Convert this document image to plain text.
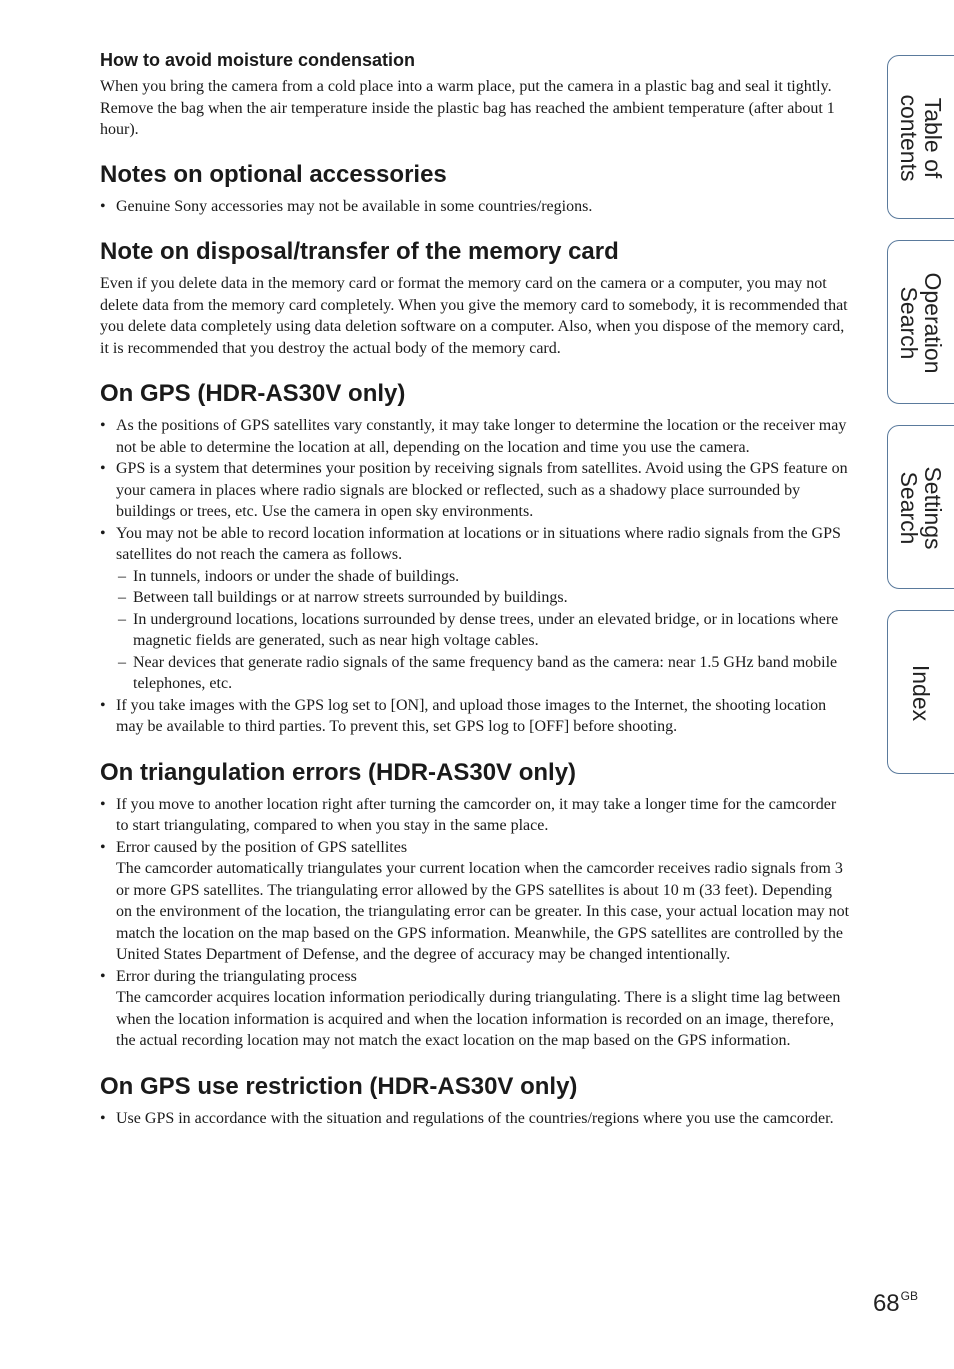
How to avoid moisture condensation

When you bring the camera from a cold place into a warm place, put the camera in a plastic bag and seal it tightly. Remove the bag when the air temperature inside the plastic bag has reached the ambient temperature (after about 1 hour).

Notes on optional accessories
• Genuine Sony accessories may not be available in some countries/regions.
Note on disposal/transfer of the memory card

Even if you delete data in the memory card or format the memory card on the camera or a computer, you may not delete data from the memory card completely. When you give the memory card to somebody, it is recommended that you delete data completely using data deletion software on a computer. Also, when you dispose of the memory card, it is recommended that you destroy the actual body of the memory card.

On GPS (HDR-AS30V only)
• As the positions of GPS satellites vary constantly, it may take longer to determine the location or the receiver may not be able to determine the location at all, depending on the location and time you use the camera.
• GPS is a system that determines your position by receiving signals from satellites. Avoid using the GPS feature on your camera in places where radio signals are blocked or reflected, such as a shadowy place surrounded by buildings or trees, etc. Use the camera in open sky environments.
• You may not be able to record location information at locations or in situations where radio signals from the GPS satellites do not reach the camera as follows.
– In tunnels, indoors or under the shade of buildings.
– Between tall buildings or at narrow streets surrounded by buildings.
– In underground locations, locations surrounded by dense trees, under an elevated bridge, or in locations where magnetic fields are generated, such as near high voltage cables.
– Near devices that generate radio signals of the same frequency band as the camera: near 1.5 GHz band mobile telephones, etc.
• If you take images with the GPS log set to [ON], and upload those images to the Internet, the shooting location may be available to third parties. To prevent this, set GPS log to [OFF] before shooting.
On triangulation errors (HDR-AS30V only)
• If you move to another location right after turning the camcorder on, it may take a longer time for the camcorder to start triangulating, compared to when you stay in the same place.
• Error caused by the position of GPS satellites
The camcorder automatically triangulates your current location when the camcorder receives radio signals from 3 or more GPS satellites. The triangulating error allowed by the GPS satellites is about 10 m (33 feet). Depending on the environment of the location, the triangulating error can be greater. In this case, your actual location may not match the location on the map based on the GPS information. Meanwhile, the GPS satellites are controlled by the United States Department of Defense, and the degree of accuracy may be changed intentionally.
• Error during the triangulating process
The camcorder acquires location information periodically during triangulating. There is a slight time lag between when the location information is acquired and when the location information is recorded on an image, therefore, the actual recording location may not match the exact location on the map based on the GPS information.
On GPS use restriction (HDR-AS30V only)
• Use GPS in accordance with the situation and regulations of the countries/regions where you use the camcorder.
Table of
contents
Operation
Search
Settings
Search
Index
$68^{GB}$
